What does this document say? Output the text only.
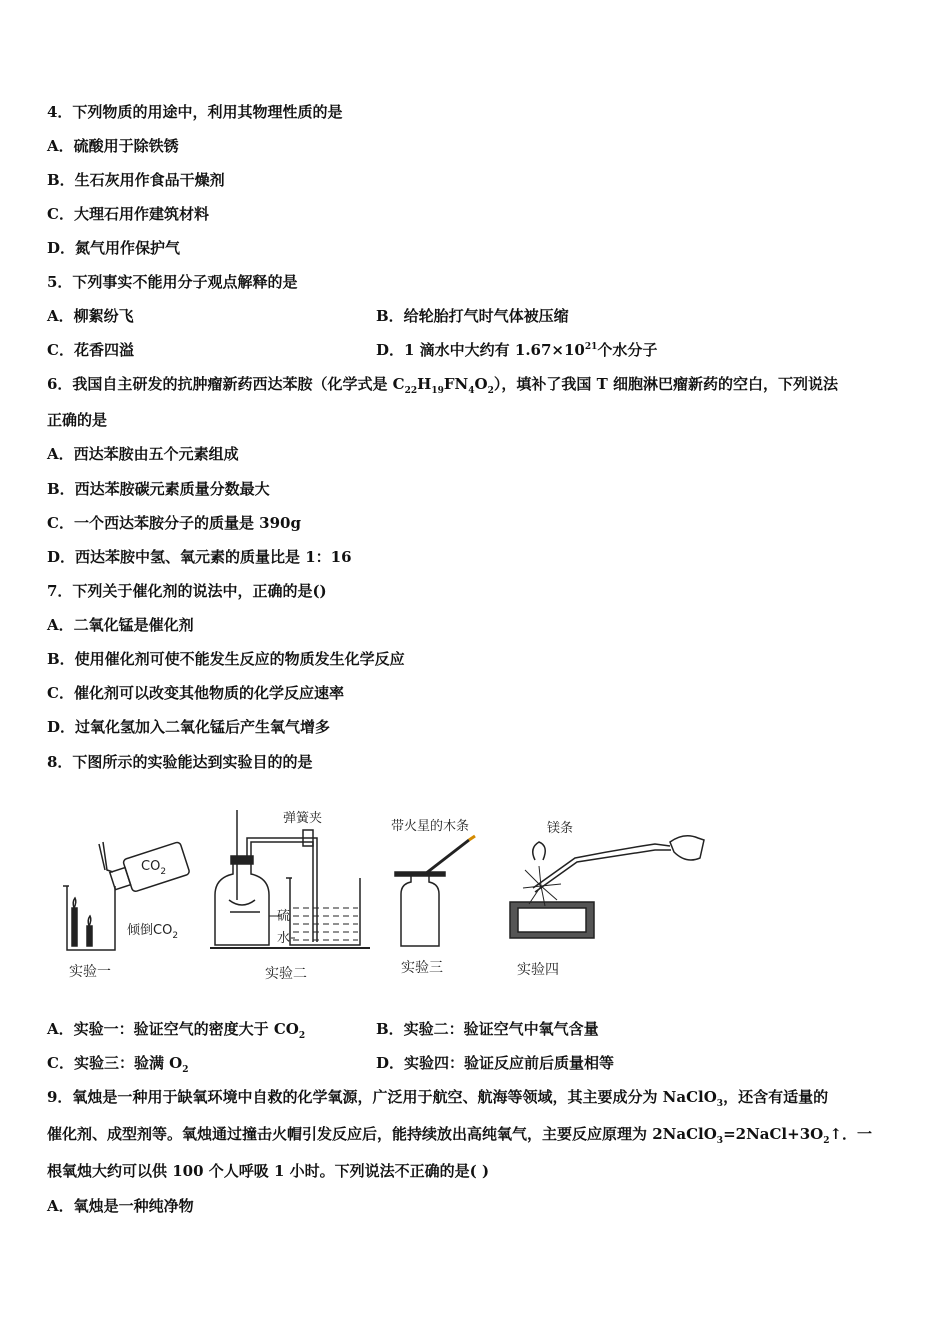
4．下列物质的用途中，利用其物理性质的是
A．硫酸用于除铁锈
B．生石灰用作食品干燥剂
C．大理石用作建筑材料
D．氮气用作保护气
5．下列事实不能用分子观点解释的是
A．柳絮纷飞	B．给轮胎打气时气体被压缩
C．花香四溢	D．1 滴水中大约有 $1.67\times 10^{21}$个水分子
6．我国自主研发的抗肿瘤新药西达苯胺（化学式是 $C_{22}H_{19}FN_4O_2$），填补了我国 T 细胞淋巴瘤新药的空白，下列说法
正确的是
A．西达苯胺由五个元素组成
B．西达苯胺碳元素质量分数最大
C．一个西达苯胺分子的质量是 390g
D．西达苯胺中氢、氧元素的质量比是 1：16
7．下列关于催化剂的说法中，正确的是()
A．二氧化锰是催化剂
B．使用催化剂可使不能发生反应的物质发生化学反应
C．催化剂可以改变其他物质的化学反应速率
D．过氧化氢加入二氧化锰后产生氧气增多
8．下图所示的实验能达到实验目的的是
$CO_2$
倾倒$CO_2$
弹簧夹
硫
水
带火星的木条	镁条
实验一	实验二	实验三	实验四
A．实验一：验证空气的密度大于 $CO_2$	B．实验二：验证空气中氧气含量
C．实验三：验满 $O_2$	D．实验四：验证反应前后质量相等
9．氧烛是一种用于缺氧环境中自救的化学氧源，广泛用于航空、航海等领域，其主要成分为 NaClO$_3$，还含有适量的
催化剂、成型剂等。氧烛通过撞击火帽引发反应后，能持续放出高纯氧气，主要反应原理为 $2NaClO_3=2NaCl+3O_2↑$．一
根氧烛大约可以供 100 个人呼吸 1 小时。下列说法不正确的是( )
A．氧烛是一种纯净物
